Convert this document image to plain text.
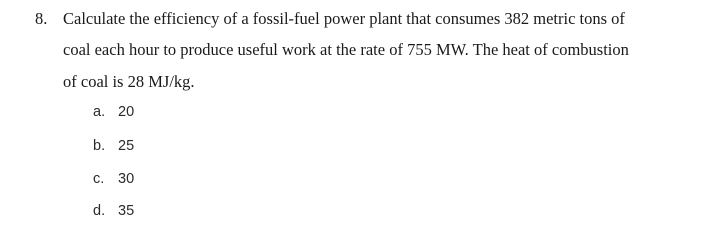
8. Calculate the efficiency of a fossil-fuel power plant that consumes 382 metric tons of
coal each hour to produce useful work at the rate of 755 MW. The heat of combustion
of coal is 28 MJ/kg.
a. 20
b. 25
c. 30
d. 35
